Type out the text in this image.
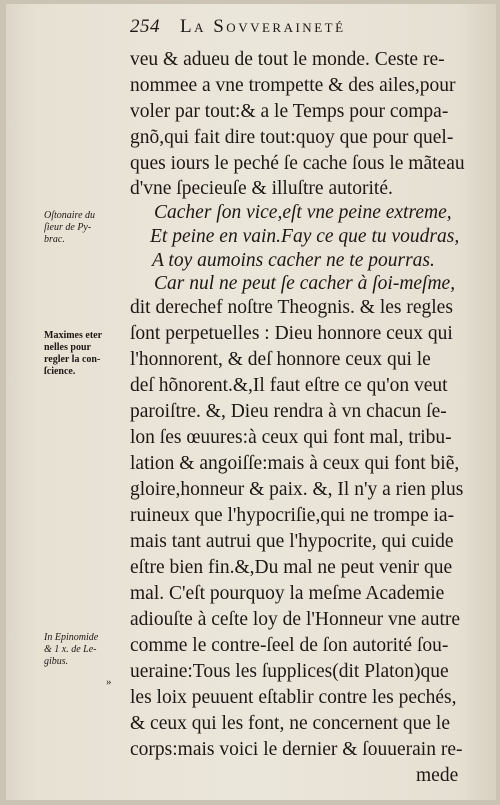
254 La Sovveraineté
veu & adueu de tout le monde. Ceste re-
nommee a vne trompette & des ailes,pour
voler par tout:& a le Temps pour compa-
gnõ,qui fait dire tout:quoy que pour quel-
ques iours le peché ſe cache ſous le mãteau
d'vne ſpecieuſe & illuſtre autorité.
Cacher ſon vice,eſt vne peine extreme,
Et peine en vain.Fay ce que tu voudras,
A toy aumoins cacher ne te pourras.
Car nul ne peut ſe cacher à ſoi-meſme,
dit derechef noſtre Theognis. & les regles
ſont perpetuelles : Dieu honnore ceux qui
l'honnorent, & deſ honnore ceux qui le
deſ hõnorent.&,Il faut eſtre ce qu'on veut
paroiſtre. &, Dieu rendra à vn chacun ſe-
lon ſes œuures:à ceux qui font mal, tribu-
lation & angoiſſe:mais à ceux qui font biẽ,
gloire,honneur & paix. &, Il n'y a rien plus
ruineux que l'hypocriſie,qui ne trompe ia-
mais tant autrui que l'hypocrite, qui cuide
eſtre bien fin.&,Du mal ne peut venir que
mal. C'eſt pourquoy la meſme Academie
adiouſte à ceſte loy de l'Honneur vne autre
comme le contre-ſeel de ſon autorité ſou-
ueraine:Tous les ſupplices(dit Platon)que
les loix peuuent eſtablir contre les pechés,
& ceux qui les font, ne concernent que le
corps:mais voici le dernier & ſouuerain re-
mede
Oſtonaire du
ſieur de Py-
brac.
Maximes eter
nelles pour
regler la con-
ſcience.
In Epinomide
& 1 x. de Le-
gibus.
»
